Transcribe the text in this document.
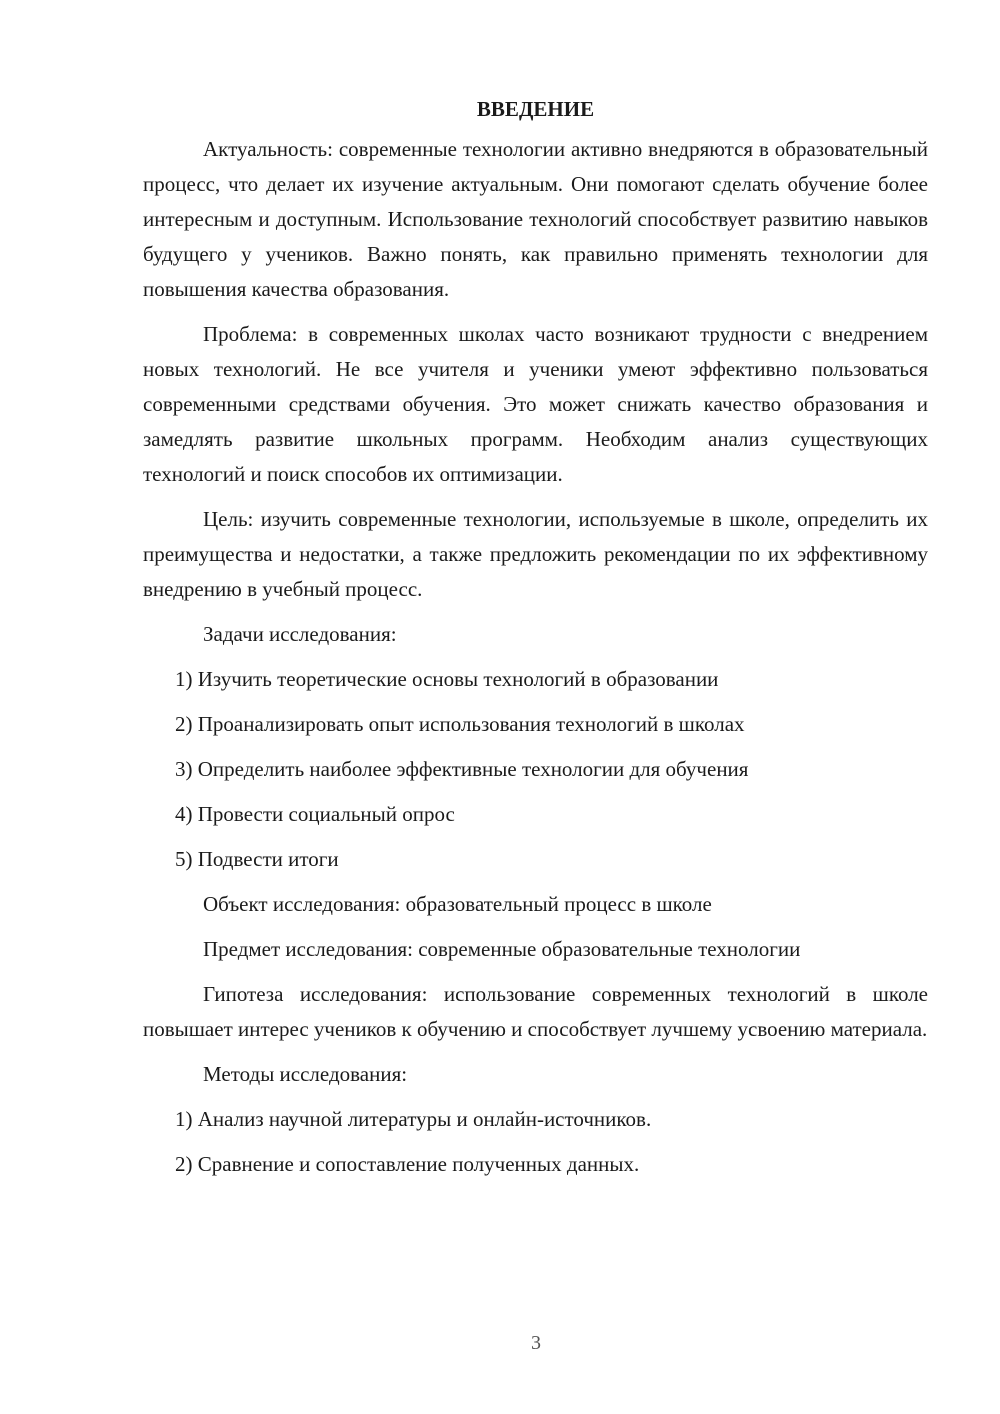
ВВЕДЕНИЕ

Актуальность: современные технологии активно внедряются в образовательный процесс, что делает их изучение актуальным. Они помогают сделать обучение более интересным и доступным. Использование технологий способствует развитию навыков будущего у учеников. Важно понять, как правильно применять технологии для повышения качества образования.

Проблема: в современных школах часто возникают трудности с внедрением новых технологий. Не все учителя и ученики умеют эффективно пользоваться современными средствами обучения. Это может снижать качество образования и замедлять развитие школьных программ. Необходим анализ существующих технологий и поиск способов их оптимизации.

Цель: изучить современные технологии, используемые в школе, определить их преимущества и недостатки, а также предложить рекомендации по их эффективному внедрению в учебный процесс.

Задачи исследования:
1) Изучить теоретические основы технологий в образовании
2) Проанализировать опыт использования технологий в школах
3) Определить наиболее эффективные технологии для обучения
4) Провести социальный опрос
5) Подвести итоги
Объект исследования: образовательный процесс в школе
Предмет исследования: современные образовательные технологии

Гипотеза исследования: использование современных технологий в школе повышает интерес учеников к обучению и способствует лучшему усвоению материала.

Методы исследования:
1) Анализ научной литературы и онлайн-источников.
2) Сравнение и сопоставление полученных данных.
3
